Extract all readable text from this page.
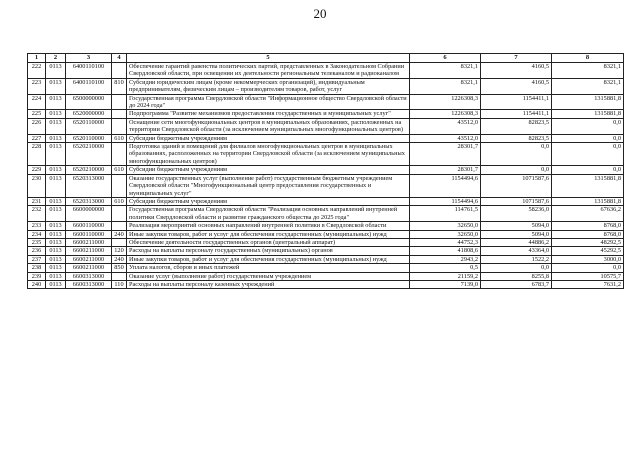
20
1	2	3	4	5	6	7	8
222	0113	6400110100		Обеспечение гарантий равенства политических партий, представленных в Законодательном Собрании Свердловской области, при освещении их деятельности региональным телеканалом и радиоканалом	8321,1	4160,5	8321,1
223	0113	6400110100	810	Субсидии юридическим лицам (кроме некоммерческих организаций), индивидуальным предпринимателям, физическим лицам – производителям товаров, работ, услуг	8321,1	4160,5	8321,1
224	0113	6500000000		Государственная программа Свердловской области "Информационное общество Свердловской области до 2024 года"	1226308,3	1154411,1	1315881,8
225	0113	6520000000		Подпрограмма "Развитие механизмов предоставления государственных и муниципальных услуг"	1226308,3	1154411,1	1315881,8
226	0113	6520110000		Оснащение сети многофункциональных центров в муниципальных образованиях, расположенных на территории Свердловской области (за исключением муниципальных многофункциональных центров)	43512,0	82823,5	0,0
227	0113	6520110000	610	Субсидии бюджетным учреждениям	43512,0	82823,5	0,0
228	0113	6520210000		Подготовка зданий и помещений для филиалов многофункциональных центров в муниципальных образованиях, расположенных на территории Свердловской области (за исключением муниципальных многофункциональных центров)	28301,7	0,0	0,0
229	0113	6520210000	610	Субсидии бюджетным учреждениям	28301,7	0,0	0,0
230	0113	6520313000		Оказание государственных услуг (выполнение работ) государственным бюджетным учреждением Свердловской области "Многофункциональный центр предоставления государственных и муниципальных услуг"	1154494,6	1071587,6	1315881,8
231	0113	6520313000	610	Субсидии бюджетным учреждениям	1154494,6	1071587,6	1315881,8
232	0113	6600000000		Государственная программа Свердловской области "Реализация основных направлений внутренней политики Свердловской области и развитие гражданского общества до 2025 года"	114761,5	58236,0	67636,2
233	0113	6600110000		Реализация мероприятий основных направлений внутренней политики в Свердловской области	32650,0	5094,0	8768,0
234	0113	6600110000	240	Иные закупки товаров, работ и услуг для обеспечения государственных (муниципальных) нужд	32650,0	5094,0	8768,0
235	0113	6600211000		Обеспечение деятельности государственных органов (центральный аппарат)	44752,3	44886,2	48292,5
236	0113	6600211000	120	Расходы на выплаты персоналу государственных (муниципальных) органов	41808,6	43364,0	45292,5
237	0113	6600211000	240	Иные закупки товаров, работ и услуг для обеспечения государственных (муниципальных) нужд	2943,2	1522,2	3000,0
238	0113	6600211000	850	Уплата налогов, сборов и иных платежей	0,5	0,0	0,0
239	0113	6600313000		Оказание услуг (выполнение работ) государственным учреждением	21159,2	8255,8	10575,7
240	0113	6600313000	110	Расходы на выплаты персоналу казенных учреждений	7139,0	6783,7	7631,2
